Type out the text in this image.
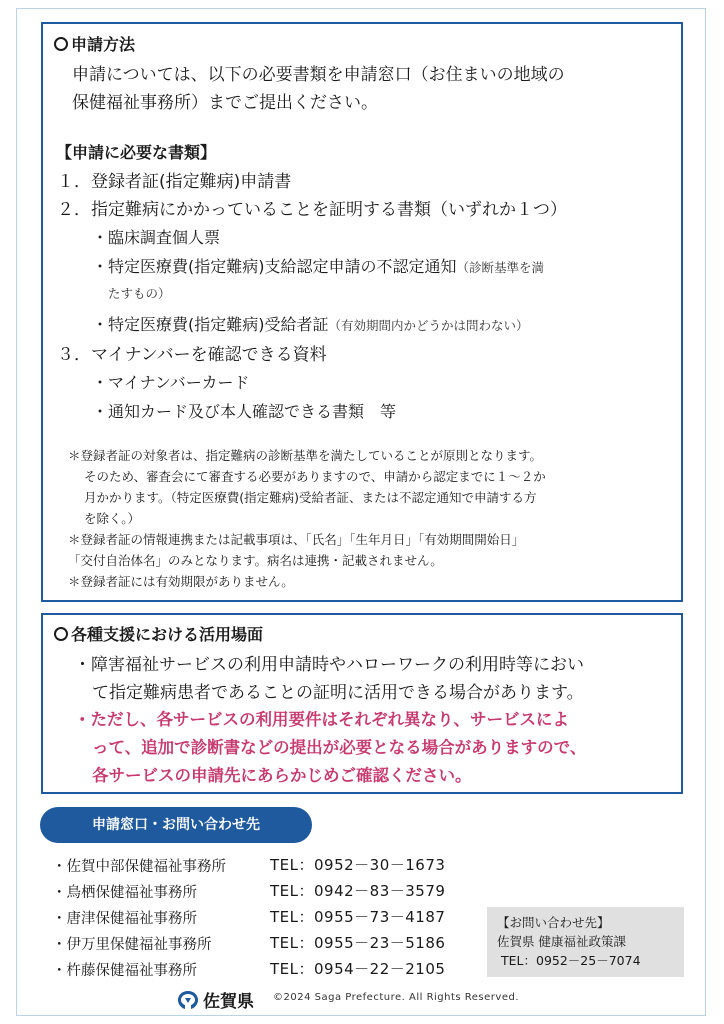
申請方法
申請については、以下の必要書類を申請窓口（お住まいの地域の
保健福祉事務所）までご提出ください。
【申請に必要な書類】
１．登録者証(指定難病)申請書
２．指定難病にかかっていることを証明する書類（いずれか１つ）
・臨床調査個人票
・特定医療費(指定難病)支給認定申請の不認定通知（診断基準を満
たすもの）
・特定医療費(指定難病)受給者証（有効期間内かどうかは問わない）
３．マイナンバーを確認できる資料
・マイナンバーカード
・通知カード及び本人確認できる書類　等
＊登録者証の対象者は、指定難病の診断基準を満たしていることが原則となります。
そのため、審査会にて審査する必要がありますので、申請から認定までに１～２か
月かかります。（特定医療費(指定難病)受給者証、または不認定通知で申請する方
を除く。）
＊登録者証の情報連携または記載事項は、「氏名」「生年月日」「有効期間開始日」
「交付自治体名」のみとなります。病名は連携・記載されません。
＊登録者証には有効期限がありません。
各種支援における活用場面
・障害福祉サービスの利用申請時やハローワークの利用時等におい
て指定難病患者であることの証明に活用できる場合があります。
・ただし、各サービスの利用要件はそれぞれ異なり、サービスによ
って、追加で診断書などの提出が必要となる場合がありますので、
各サービスの申請先にあらかじめご確認ください。
申請窓口・お問い合わせ先
・佐賀中部保健福祉事務所	TEL：0952－30－1673
・鳥栖保健福祉事務所	TEL：0942－83－3579
・唐津保健福祉事務所	TEL：0955－73－4187
・伊万里保健福祉事務所	TEL：0955－23－5186
・杵藤保健福祉事務所	TEL：0954－22－2105
【お問い合わせ先】
佐賀県 健康福祉政策課
TEL：0952－25－7074
佐賀県 ©2024 Saga Prefecture. All Rights Reserved.
